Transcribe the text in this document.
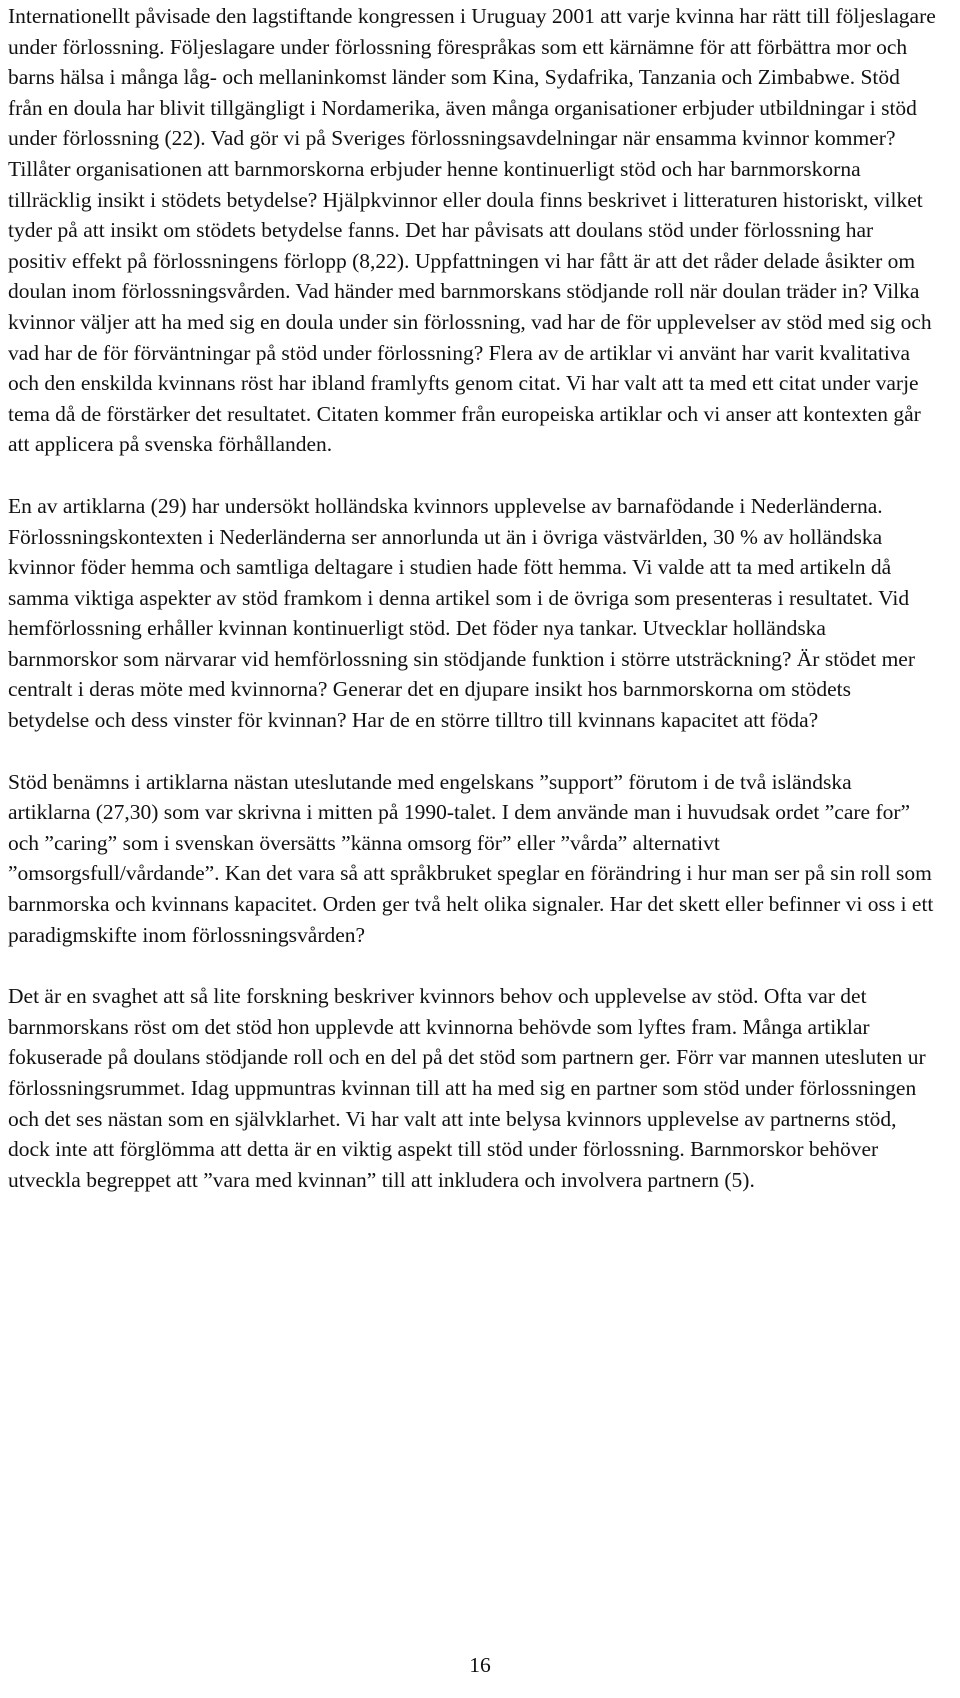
Internationellt påvisade den lagstiftande kongressen i Uruguay 2001 att varje kvinna har rätt till följeslagare under förlossning. Följeslagare under förlossning förespråkas som ett kärnämne för att förbättra mor och barns hälsa i många låg- och mellaninkomst länder som Kina, Sydafrika, Tanzania och Zimbabwe. Stöd från en doula har blivit tillgängligt i Nordamerika, även många organisationer erbjuder utbildningar i stöd under förlossning (22). Vad gör vi på Sveriges förlossningsavdelningar när ensamma kvinnor kommer? Tillåter organisationen att barnmorskorna erbjuder henne kontinuerligt stöd och har barnmorskorna tillräcklig insikt i stödets betydelse? Hjälpkvinnor eller doula finns beskrivet i litteraturen historiskt, vilket tyder på att insikt om stödets betydelse fanns. Det har påvisats att doulans stöd under förlossning har positiv effekt på förlossningens förlopp (8,22). Uppfattningen vi har fått är att det råder delade åsikter om doulan inom förlossningsvården. Vad händer med barnmorskans stödjande roll när doulan träder in? Vilka kvinnor väljer att ha med sig en doula under sin förlossning, vad har de för upplevelser av stöd med sig och vad har de för förväntningar på stöd under förlossning? Flera av de artiklar vi använt har varit kvalitativa och den enskilda kvinnans röst har ibland framlyfts genom citat. Vi har valt att ta med ett citat under varje tema då de förstärker det resultatet. Citaten kommer från europeiska artiklar och vi anser att kontexten går att applicera på svenska förhållanden.

En av artiklarna (29) har undersökt holländska kvinnors upplevelse av barnafödande i Nederländerna. Förlossningskontexten i Nederländerna ser annorlunda ut än i övriga västvärlden, 30 % av holländska kvinnor föder hemma och samtliga deltagare i studien hade fött hemma. Vi valde att ta med artikeln då samma viktiga aspekter av stöd framkom i denna artikel som i de övriga som presenteras i resultatet. Vid hemförlossning erhåller kvinnan kontinuerligt stöd. Det föder nya tankar. Utvecklar holländska barnmorskor som närvarar vid hemförlossning sin stödjande funktion i större utsträckning? Är stödet mer centralt i deras möte med kvinnorna? Generar det en djupare insikt hos barnmorskorna om stödets betydelse och dess vinster för kvinnan? Har de en större tilltro till kvinnans kapacitet att föda?

Stöd benämns i artiklarna nästan uteslutande med engelskans ”support” förutom i de två isländska artiklarna (27,30) som var skrivna i mitten på 1990-talet. I dem använde man i huvudsak ordet ”care for” och ”caring” som i svenskan översätts ”känna omsorg för” eller ”vårda” alternativt ”omsorgsfull/vårdande”. Kan det vara så att språkbruket speglar en förändring i hur man ser på sin roll som barnmorska och kvinnans kapacitet. Orden ger två helt olika signaler. Har det skett eller befinner vi oss i ett paradigmskifte inom förlossningsvården?

Det är en svaghet att så lite forskning beskriver kvinnors behov och upplevelse av stöd. Ofta var det barnmorskans röst om det stöd hon upplevde att kvinnorna behövde som lyftes fram. Många artiklar fokuserade på doulans stödjande roll och en del på det stöd som partnern ger. Förr var mannen utesluten ur förlossningsrummet. Idag uppmuntras kvinnan till att ha med sig en partner som stöd under förlossningen och det ses nästan som en självklarhet. Vi har valt att inte belysa kvinnors upplevelse av partnerns stöd, dock inte att förglömma att detta är en viktig aspekt till stöd under förlossning. Barnmorskor behöver utveckla begreppet att ”vara med kvinnan” till att inkludera och involvera partnern (5).

16
